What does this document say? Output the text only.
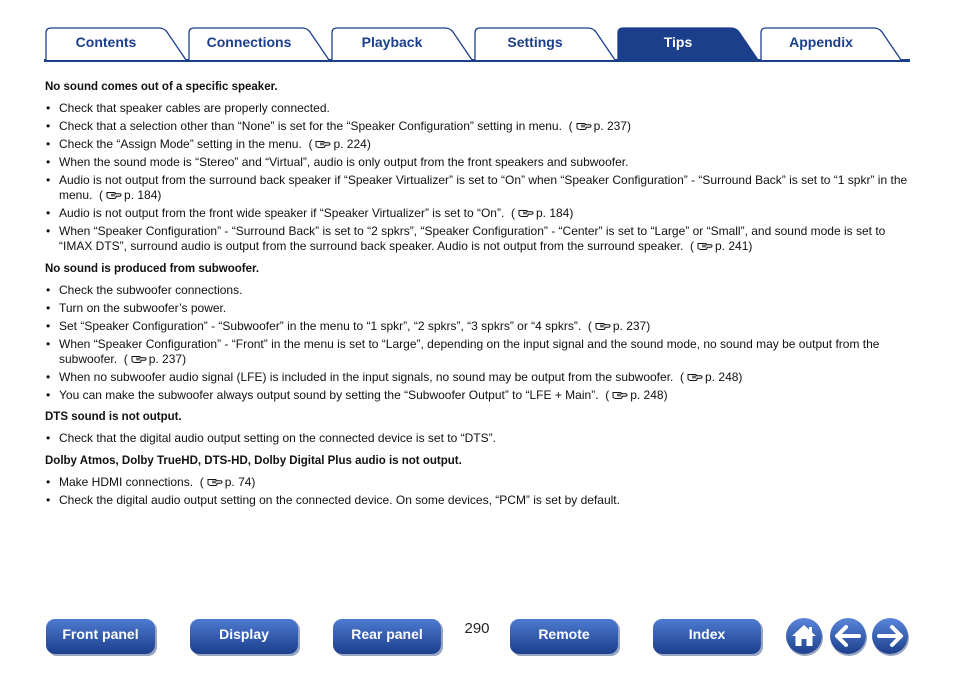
Contents	Connections	Playback	Settings	Tips	Appendix
No sound comes out of a specific speaker.
• Check that speaker cables are properly connected.
• Check that a selection other than “None” is set for the “Speaker Configuration” setting in menu.  ( p. 237)
• Check the “Assign Mode” setting in the menu.  ( p. 224)
• When the sound mode is “Stereo” and “Virtual”, audio is only output from the front speakers and subwoofer.
• Audio is not output from the surround back speaker if “Speaker Virtualizer” is set to “On” when “Speaker Configuration” - “Surround Back” is set to “1 spkr” in the menu.  ( p. 184)
• Audio is not output from the front wide speaker if “Speaker Virtualizer” is set to “On”.  ( p. 184)
• When “Speaker Configuration” - “Surround Back” is set to “2 spkrs”, “Speaker Configuration” - “Center” is set to “Large” or “Small”, and sound mode is set to “IMAX DTS”, surround audio is output from the surround back speaker. Audio is not output from the surround speaker.  ( p. 241)
No sound is produced from subwoofer.
• Check the subwoofer connections.
• Turn on the subwoofer’s power.
• Set “Speaker Configuration” - “Subwoofer” in the menu to “1 spkr”, “2 spkrs”, “3 spkrs” or “4 spkrs”.  ( p. 237)
• When “Speaker Configuration” - “Front” in the menu is set to “Large”, depending on the input signal and the sound mode, no sound may be output from the subwoofer.  ( p. 237)
• When no subwoofer audio signal (LFE) is included in the input signals, no sound may be output from the subwoofer.  ( p. 248)
• You can make the subwoofer always output sound by setting the “Subwoofer Output” to “LFE + Main”.  ( p. 248)
DTS sound is not output.
• Check that the digital audio output setting on the connected device is set to “DTS”.
Dolby Atmos, Dolby TrueHD, DTS-HD, Dolby Digital Plus audio is not output.
• Make HDMI connections.  ( p. 74)
• Check the digital audio output setting on the connected device. On some devices, “PCM” is set by default.
Front panel	Display	Rear panel	290	Remote	Index
